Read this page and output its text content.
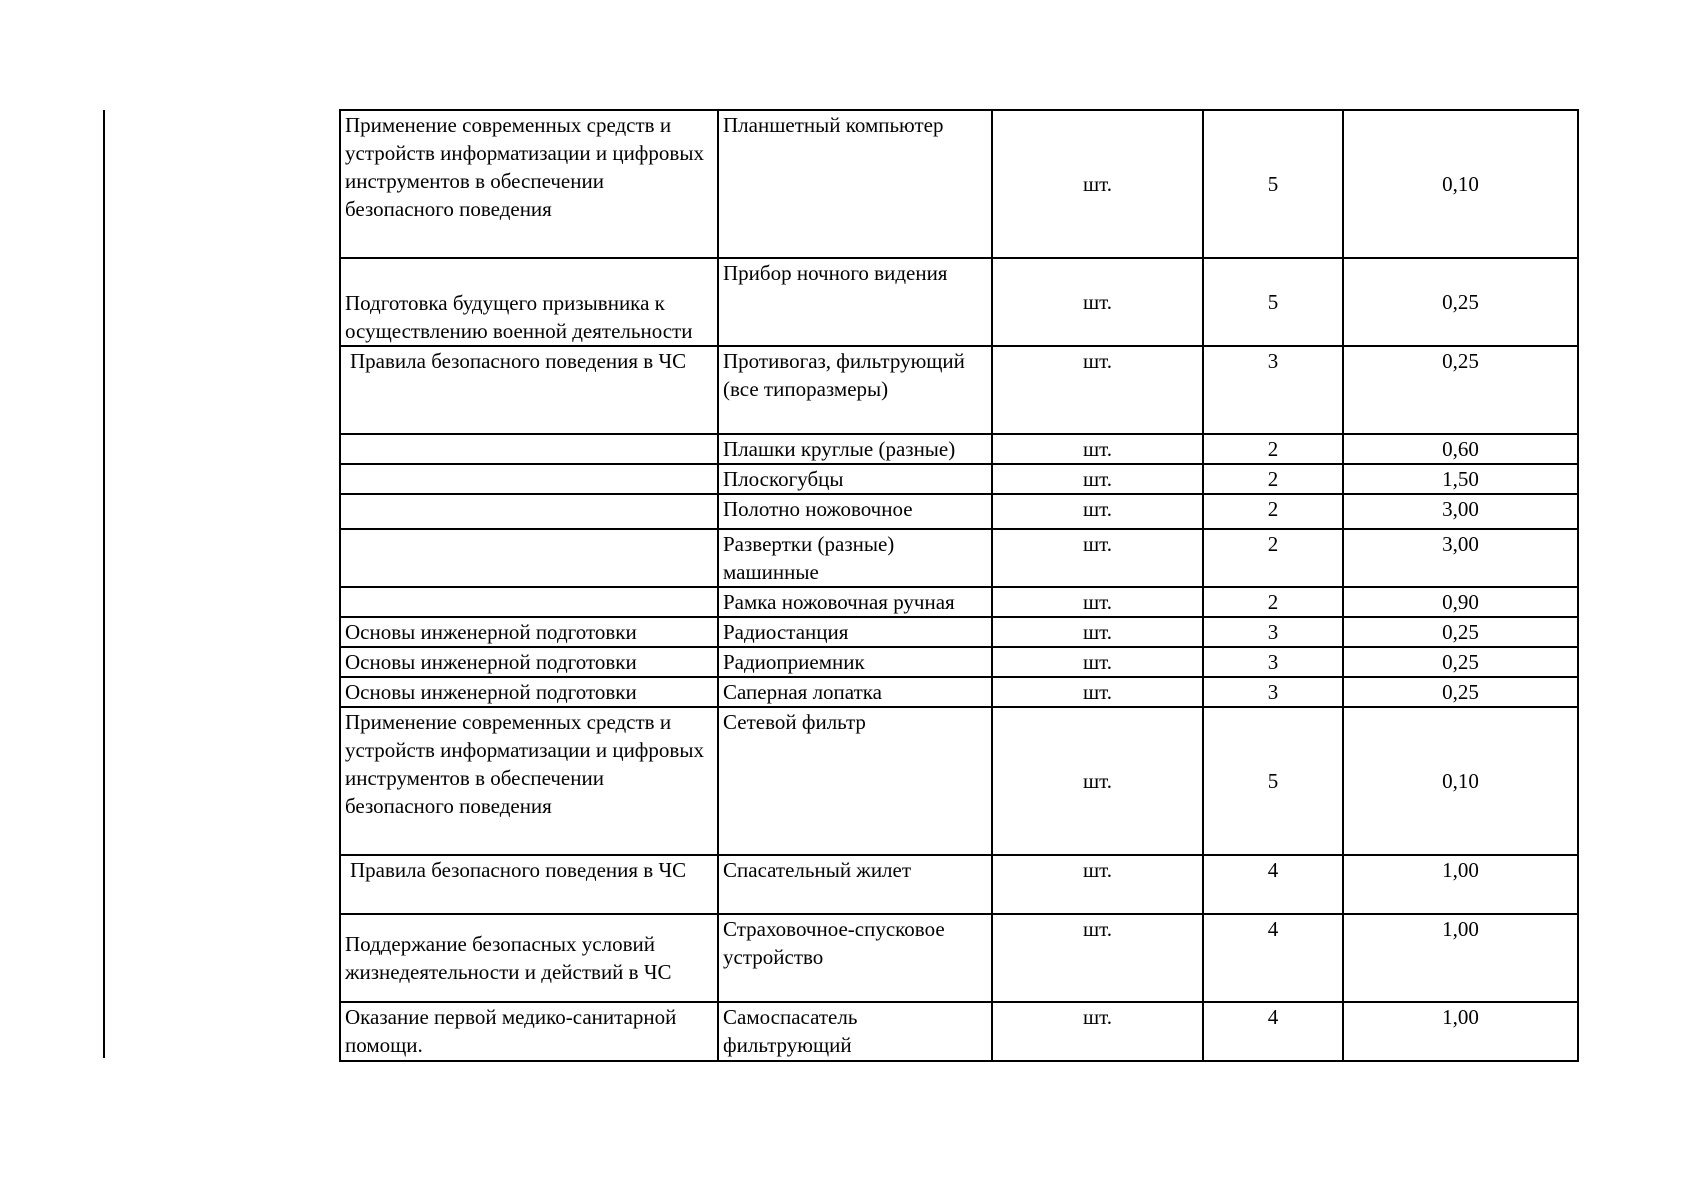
Применение современных средств и устройств информатизации и цифровых инструментов в обеспечении безопасного поведения	Планшетный компьютер	шт.	5	0,10
Подготовка будущего призывника к осуществлению военной деятельности	Прибор ночного видения	шт.	5	0,25
Правила безопасного поведения в ЧС	Противогаз, фильтрующий (все типоразмеры)	шт.	3	0,25
	Плашки круглые (разные)	шт.	2	0,60
	Плоскогубцы	шт.	2	1,50
	Полотно ножовочное	шт.	2	3,00
	Развертки (разные) машинные	шт.	2	3,00
	Рамка ножовочная ручная	шт.	2	0,90
Основы инженерной подготовки	Радиостанция	шт.	3	0,25
Основы инженерной подготовки	Радиоприемник	шт.	3	0,25
Основы инженерной подготовки	Саперная лопатка	шт.	3	0,25
Применение современных средств и устройств информатизации и цифровых инструментов в обеспечении безопасного поведения	Сетевой фильтр	шт.	5	0,10
Правила безопасного поведения в ЧС	Спасательный жилет	шт.	4	1,00
Поддержание безопасных условий жизнедеятельности и действий в ЧС	Страховочное-спусковое устройство	шт.	4	1,00
Оказание первой медико-санитарной помощи.	Самоспасатель фильтрующий	шт.	4	1,00
